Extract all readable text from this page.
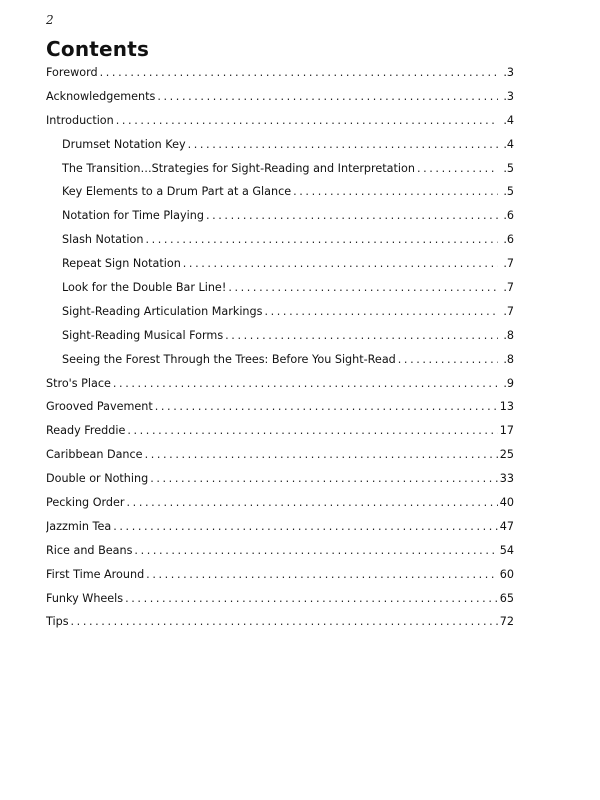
2
Contents
Foreword .....	.3
Acknowledgements .....	.3
Introduction .....	.4
Drumset Notation Key .....	.4
The Transition…Strategies for Sight-Reading and Interpretation .....	.5
Key Elements to a Drum Part at a Glance .....	.5
Notation for Time Playing .....	.6
Slash Notation .....	.6
Repeat Sign Notation .....	.7
Look for the Double Bar Line! .....	.7
Sight-Reading Articulation Markings .....	.7
Sight-Reading Musical Forms .....	.8
Seeing the Forest Through the Trees: Before You Sight-Read .....	.8
Stro's Place .....	.9
Grooved Pavement .....	13
Ready Freddie .....	17
Caribbean Dance .....	25
Double or Nothing .....	33
Pecking Order .....	40
Jazzmin Tea .....	47
Rice and Beans .....	54
First Time Around .....	60
Funky Wheels .....	65
Tips .....	72
